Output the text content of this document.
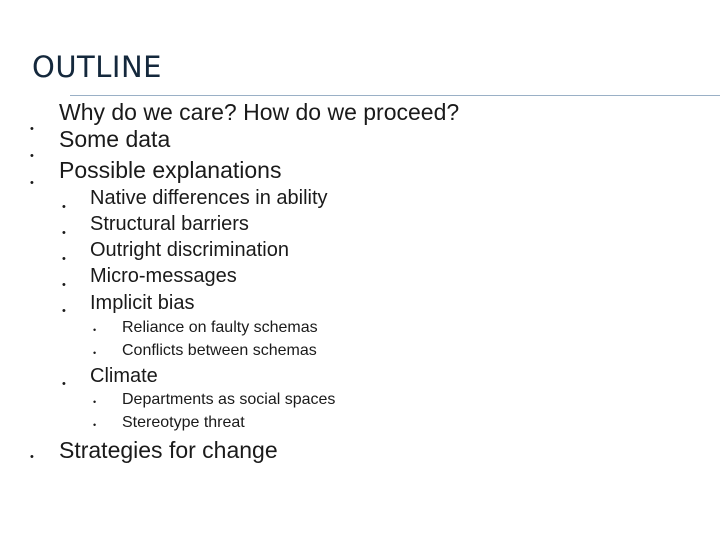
OUTLINE
•
Why do we care? How do we proceed?
•
Some data
• Possible explanations
• Native differences in ability
• Structural barriers
• Outright discrimination
• Micro-messages
• Implicit bias
• Reliance on faulty schemas
• Conflicts between schemas
• Climate
• Departments as social spaces
• Stereotype threat
• Strategies for change
